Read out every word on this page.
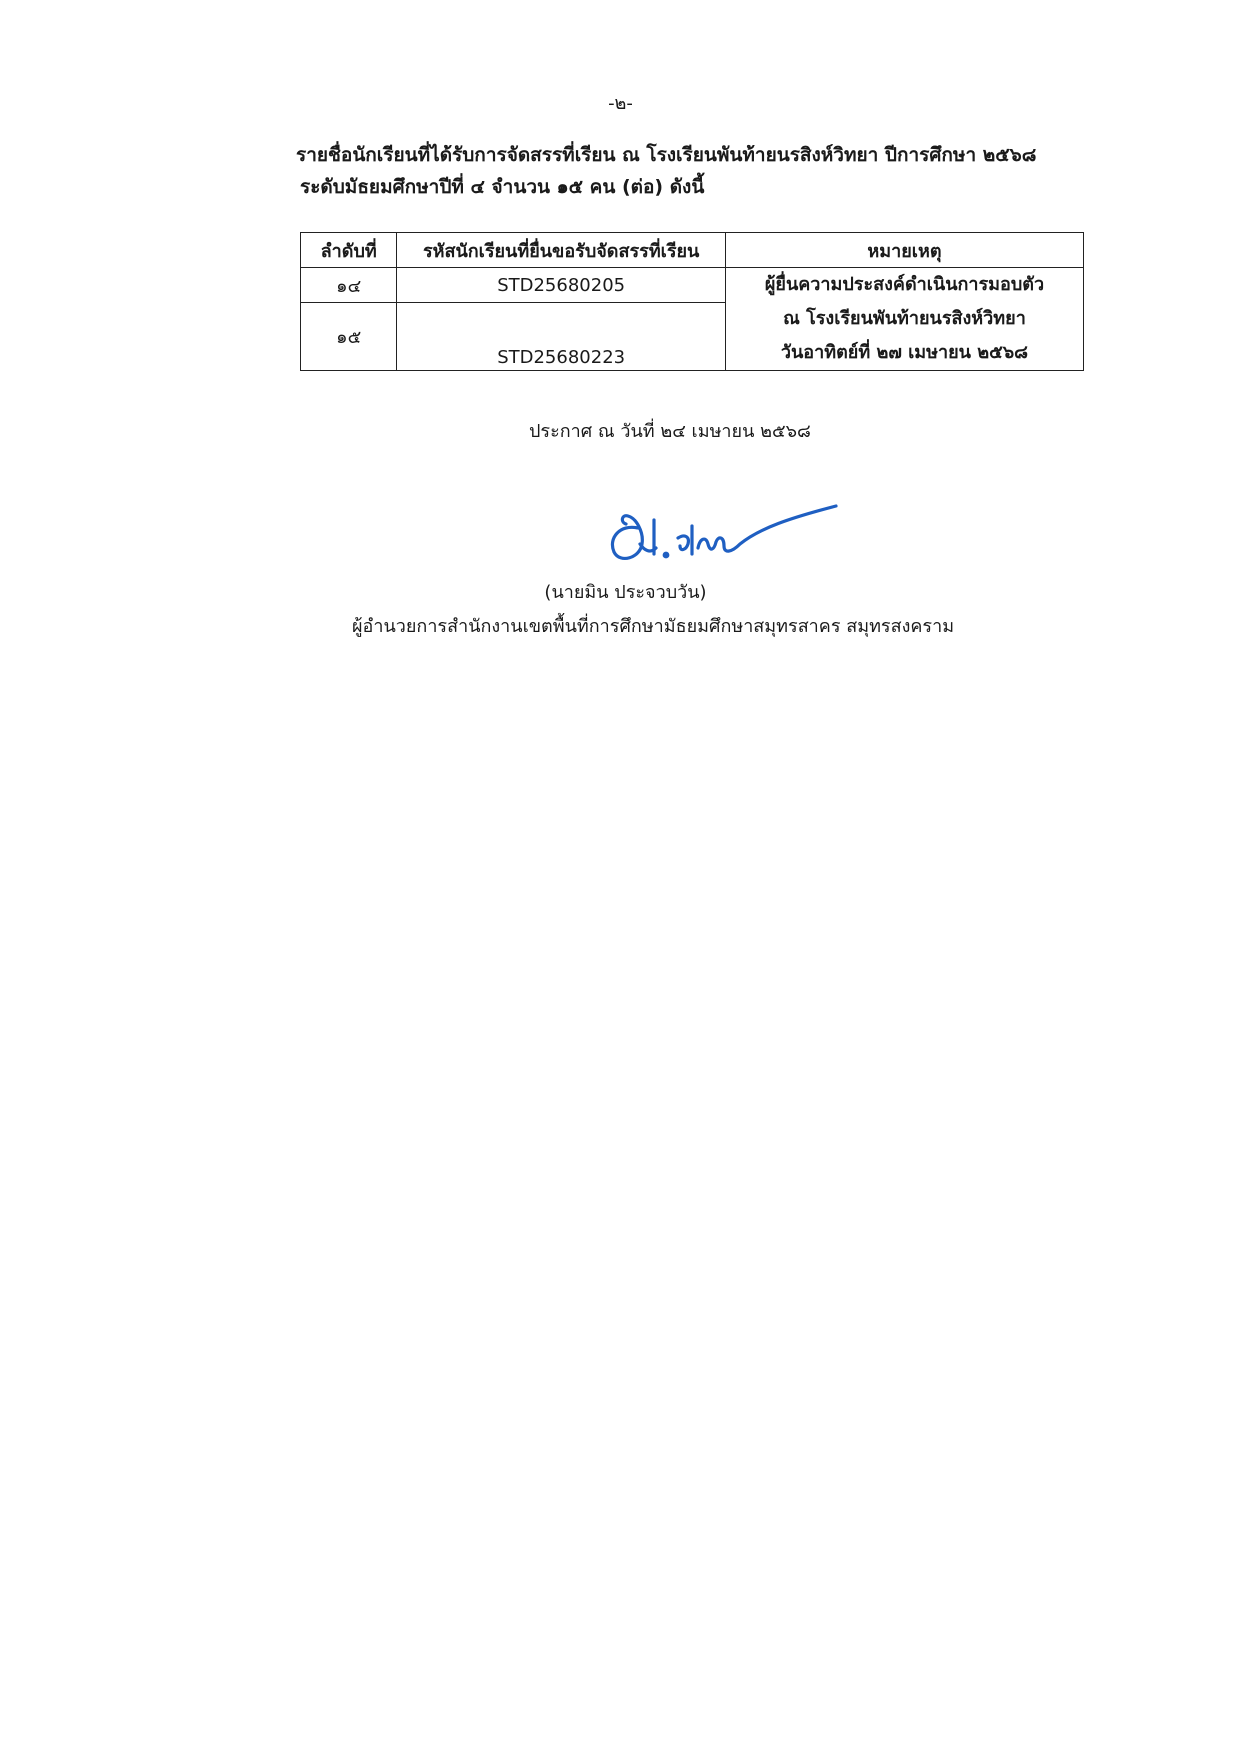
-๒-
รายชื่อนักเรียนที่ได้รับการจัดสรรที่เรียน ณ โรงเรียนพันท้ายนรสิงห์วิทยา ปีการศึกษา ๒๕๖๘
ระดับมัธยมศึกษาปีที่ ๔ จำนวน ๑๕ คน (ต่อ) ดังนี้
ลำดับที่	รหัสนักเรียนที่ยื่นขอรับจัดสรรที่เรียน	หมายเหตุ
๑๔	STD25680205	ผู้ยื่นความประสงค์ดำเนินการมอบตัว
ณ โรงเรียนพันท้ายนรสิงห์วิทยา
วันอาทิตย์ที่ ๒๗ เมษายน ๒๕๖๘

๑๕	STD25680223	
ประกาศ ณ วันที่ ๒๔ เมษายน ๒๕๖๘
(นายมิน ประจวบวัน)
ผู้อำนวยการสำนักงานเขตพื้นที่การศึกษามัธยมศึกษาสมุทรสาคร สมุทรสงคราม
